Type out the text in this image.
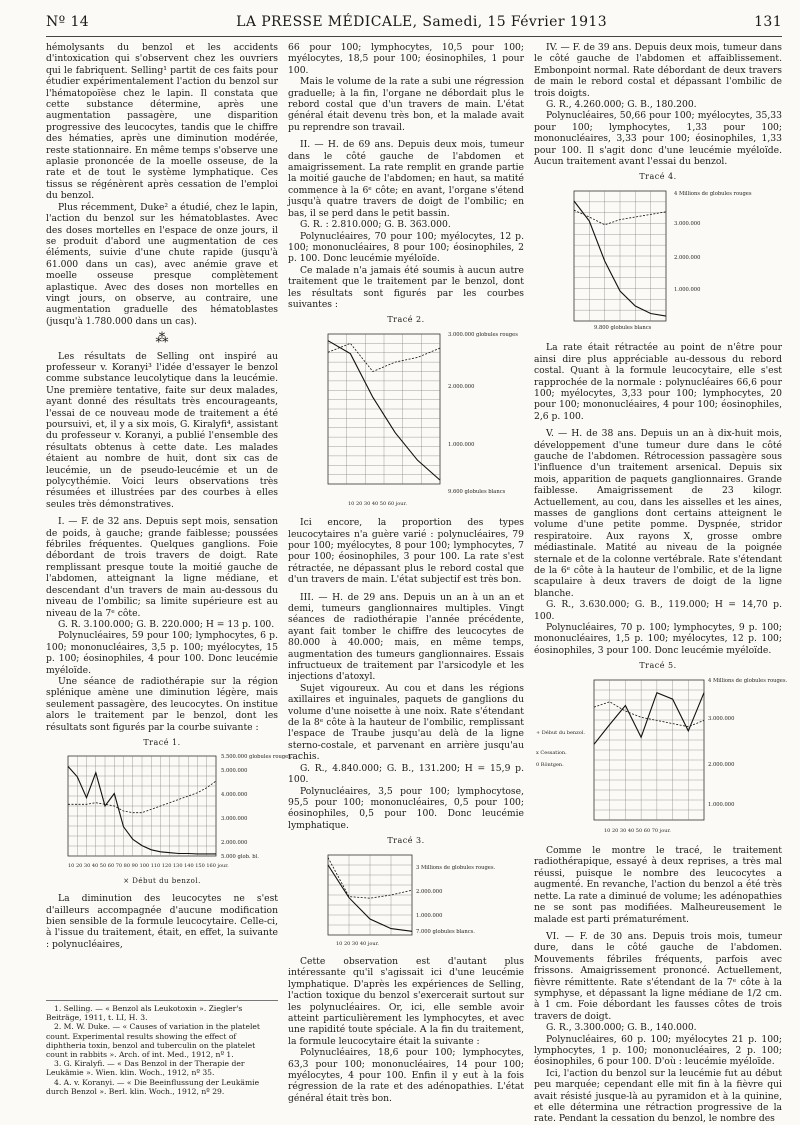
Nº 14	LA PRESSE MÉDICALE, Samedi, 15 Février 1913	131

hémolysants du benzol et les accidents d'intoxication qui s'observent chez les ouvriers qui le fabriquent. Selling¹ partit de ces faits pour étudier expérimentalement l'action du benzol sur l'hématopoïèse chez le lapin. Il constata que cette substance détermine, après une augmentation passagère, une disparition progressive des leucocytes, tandis que le chiffre des hématies, après une diminution modérée, reste stationnaire. En même temps s'observe une aplasie prononcée de la moelle osseuse, de la rate et de tout le système lymphatique. Ces tissus se régénèrent après cessation de l'emploi du benzol.

Plus récemment, Duke² a étudié, chez le lapin, l'action du benzol sur les hématoblastes. Avec des doses mortelles en l'espace de onze jours, il se produit d'abord une augmentation de ces éléments, suivie d'une chute rapide (jusqu'à 61.000 dans un cas), avec anémie grave et moelle osseuse presque complètement aplastique. Avec des doses non mortelles en vingt jours, on observe, au contraire, une augmentation graduelle des hématoblastes (jusqu'à 1.780.000 dans un cas).

⁂

Les résultats de Selling ont inspiré au professeur v. Koranyi³ l'idée d'essayer le benzol comme substance leucolytique dans la leucémie. Une première tentative, faite sur deux malades, ayant donné des résultats très encourageants, l'essai de ce nouveau mode de traitement a été poursuivi, et, il y a six mois, G. Kiralyfi⁴, assistant du professeur v. Koranyi, a publié l'ensemble des résultats obtenus à cette date. Les malades étaient au nombre de huit, dont six cas de leucémie, un de pseudo-leucémie et un de polycythémie. Voici leurs observations très résumées et illustrées par des courbes à elles seules très démonstratives.

I. — F. de 32 ans. Depuis sept mois, sensation de poids, à gauche; grande faiblesse; poussées fébriles fréquentes. Quelques ganglions. Foie débordant de trois travers de doigt. Rate remplissant presque toute la moitié gauche de l'abdomen, atteignant la ligne médiane, et descendant d'un travers de main au-dessous du niveau de l'ombilic; sa limite supérieure est au niveau de la 7ᵉ côte.

G. R. 3.100.000; G. B. 220.000; H = 13 p. 100.

Polynucléaires, 59 pour 100; lymphocytes, 6 p. 100; mononucléaires, 3,5 p. 100; myélocytes, 15 p. 100; éosinophiles, 4 pour 100. Donc leucémie myéloïde.

Une séance de radiothérapie sur la région splénique amène une diminution légère, mais seulement passagère, des leucocytes. On institue alors le traitement par le benzol, dont les résultats sont figurés par la courbe suivante :

Tracé 1.
5.500.000 globules rouges.
5.000.000
4.000.000
3.000.000
2.000.000
5.000 glob. bl.
10 20 30 40 50 60 70 80 90 100 110 120 130 140 150 160 jour.
× Début du benzol.

La diminution des leucocytes ne s'est d'ailleurs accompagnée d'aucune modification bien sensible de la formule leucocytaire. Celle-ci, à l'issue du traitement, était, en effet, la suivante : polynucléaires,

66 pour 100; lymphocytes, 10,5 pour 100; myélocytes, 18,5 pour 100; éosinophiles, 1 pour 100.

Mais le volume de la rate a subi une régression graduelle; à la fin, l'organe ne débordait plus le rebord costal que d'un travers de main. L'état général était devenu très bon, et la malade avait pu reprendre son travail.

II. — H. de 69 ans. Depuis deux mois, tumeur dans le côté gauche de l'abdomen et amaigrissement. La rate remplit en grande partie la moitié gauche de l'abdomen; en haut, sa matité commence à la 6ᵉ côte; en avant, l'organe s'étend jusqu'à quatre travers de doigt de l'ombilic; en bas, il se perd dans le petit bassin.

G. R. : 2.810.000; G. B. 363.000.

Polynucléaires, 70 pour 100; myélocytes, 12 p. 100; mononucléaires, 8 pour 100; éosinophiles, 2 p. 100. Donc leucémie myéloïde.

Ce malade n'a jamais été soumis à aucun autre traitement que le traitement par le benzol, dont les résultats sont figurés par les courbes suivantes :

Tracé 2.
3.000.000 globules rouges
2.000.000
1.000.000
9.600 globules blancs
10 20 30 40 50 60 jour.

Ici encore, la proportion des types leucocytaires n'a guère varié : polynucléaires, 79 pour 100; myélocytes, 8 pour 100; lymphocytes, 7 pour 100; éosinophiles, 3 pour 100. La rate s'est rétractée, ne dépassant plus le rebord costal que d'un travers de main. L'état subjectif est très bon.

III. — H. de 29 ans. Depuis un an à un an et demi, tumeurs ganglionnaires multiples. Vingt séances de radiothérapie l'année précédente, ayant fait tomber le chiffre des leucocytes de 80.000 à 40.000; mais, en même temps, augmentation des tumeurs ganglionnaires. Essais infructueux de traitement par l'arsicodyle et les injections d'atoxyl.

Sujet vigoureux. Au cou et dans les régions axillaires et inguinales, paquets de ganglions du volume d'une noisette à une noix. Rate s'étendant de la 8ᵉ côte à la hauteur de l'ombilic, remplissant l'espace de Traube jusqu'au delà de la ligne sterno-costale, et parvenant en arrière jusqu'au rachis.

G. R., 4.840.000; G. B., 131.200; H = 15,9 p. 100.

Polynucléaires, 3,5 pour 100; lymphocytose, 95,5 pour 100; mononucléaires, 0,5 pour 100; éosinophiles, 0,5 pour 100. Donc leucémie lymphatique.

Tracé 3.
3 Millions de globules rouges.
2.000.000
1.000.000
7.000 globules blancs.
10 20 30 40 jour.

Cette observation est d'autant plus intéressante qu'il s'agissait ici d'une leucémie lymphatique. D'après les expériences de Selling, l'action toxique du benzol s'exercerait surtout sur les polynucléaires. Or, ici, elle semble avoir atteint particulièrement les lymphocytes, et avec une rapidité toute spéciale. A la fin du traitement, la formule leucocytaire était la suivante :

Polynucléaires, 18,6 pour 100; lymphocytes, 63,3 pour 100; mononucléaires, 14 pour 100; myélocytes, 4 pour 100. Enfin il y eut à la fois régression de la rate et des adénopathies. L'état général était très bon.

IV. — F. de 39 ans. Depuis deux mois, tumeur dans le côté gauche de l'abdomen et affaiblissement. Embonpoint normal. Rate débordant de deux travers de main le rebord costal et dépassant l'ombilic de trois doigts.

G. R., 4.260.000; G. B., 180.200.

Polynucléaires, 50,66 pour 100; myélocytes, 35,33 pour 100; lymphocytes, 1,33 pour 100; mononucléaires, 3,33 pour 100; éosinophiles, 1,33 pour 100. Il s'agit donc d'une leucémie myéloïde. Aucun traitement avant l'essai du benzol.

Tracé 4.
4 Millions de globules rouges
3.000.000
2.000.000
1.000.000
9.800 globules blancs

La rate était rétractée au point de n'être pour ainsi dire plus appréciable au-dessous du rebord costal. Quant à la formule leucocytaire, elle s'est rapprochée de la normale : polynucléaires 66,6 pour 100; myélocytes, 3,33 pour 100; lymphocytes, 20 pour 100; mononucléaires, 4 pour 100; éosinophiles, 2,6 p. 100.

V. — H. de 38 ans. Depuis un an à dix-huit mois, développement d'une tumeur dure dans le côté gauche de l'abdomen. Rétrocession passagère sous l'influence d'un traitement arsenical. Depuis six mois, apparition de paquets ganglionnaires. Grande faiblesse. Amaigrissement de 23 kilogr. Actuellement, au cou, dans les aisselles et les aines, masses de ganglions dont certains atteignent le volume d'une petite pomme. Dyspnée, stridor respiratoire. Aux rayons X, grosse ombre médiastinale. Matité au niveau de la poignée sternale et de la colonne vertébrale. Rate s'étendant de la 6ᵉ côte à la hauteur de l'ombilic, et de la ligne scapulaire à deux travers de doigt de la ligne blanche.

G. R., 3.630.000; G. B., 119.000; H = 14,70 p. 100.

Polynucléaires, 70 p. 100; lymphocytes, 9 p. 100; mononucléaires, 1,5 p. 100; myélocytes, 12 p. 100; éosinophiles, 3 pour 100. Donc leucémie myéloïde.

Tracé 5.
4 Millions de globules rouges.
3.000.000
2.000.000
1.000.000
+ Début du benzol.
x Cessation.
0 Röntgen.
10 20 30 40 50 60 70 jour.

Comme le montre le tracé, le traitement radiothérapique, essayé à deux reprises, a très mal réussi, puisque le nombre des leucocytes a augmenté. En revanche, l'action du benzol a été très nette. La rate a diminué de volume; les adénopathies ne se sont pas modifiées. Malheureusement le malade est parti prématurément.

VI. — F. de 30 ans. Depuis trois mois, tumeur dure, dans le côté gauche de l'abdomen. Mouvements fébriles fréquents, parfois avec frissons. Amaigrissement prononcé. Actuellement, fièvre rémittente. Rate s'étendant de la 7ᵉ côte à la symphyse, et dépassant la ligne médiane de 1/2 cm. à 1 cm. Foie débordant les fausses côtes de trois travers de doigt.

G. R., 3.300.000; G. B., 140.000.

Polynucléaires, 60 p. 100; myélocytes 21 p. 100; lymphocytes, 1 p. 100; mononucléaires, 2 p. 100; éosinophiles, 6 pour 100. D'où : leucémie myéloïde.

Ici, l'action du benzol sur la leucémie fut au début peu marquée; cependant elle mit fin à la fièvre qui avait résisté jusque-là au pyramidon et à la quinine, et elle détermina une rétraction progressive de la rate. Pendant la cessation du benzol, le nombre des

1. Selling. — « Benzol als Leukotoxin ». Ziegler's Beiträge, 1911, t. LI, H. 3.

2. M. W. Duke. — « Causes of variation in the platelet count. Experimental results showing the effect of diphtheria toxin, benzol and tuberculin on the platelet count in rabbits ». Arch. of int. Med., 1912, nº 1.

3. G. Kiralyfi. — « Das Benzol in der Therapie der Leukämie ». Wien. klin. Woch., 1912, nº 35.

4. A. v. Koranyi. — « Die Beeinflussung der Leukämie durch Benzol ». Berl. klin. Woch., 1912, nº 29.
